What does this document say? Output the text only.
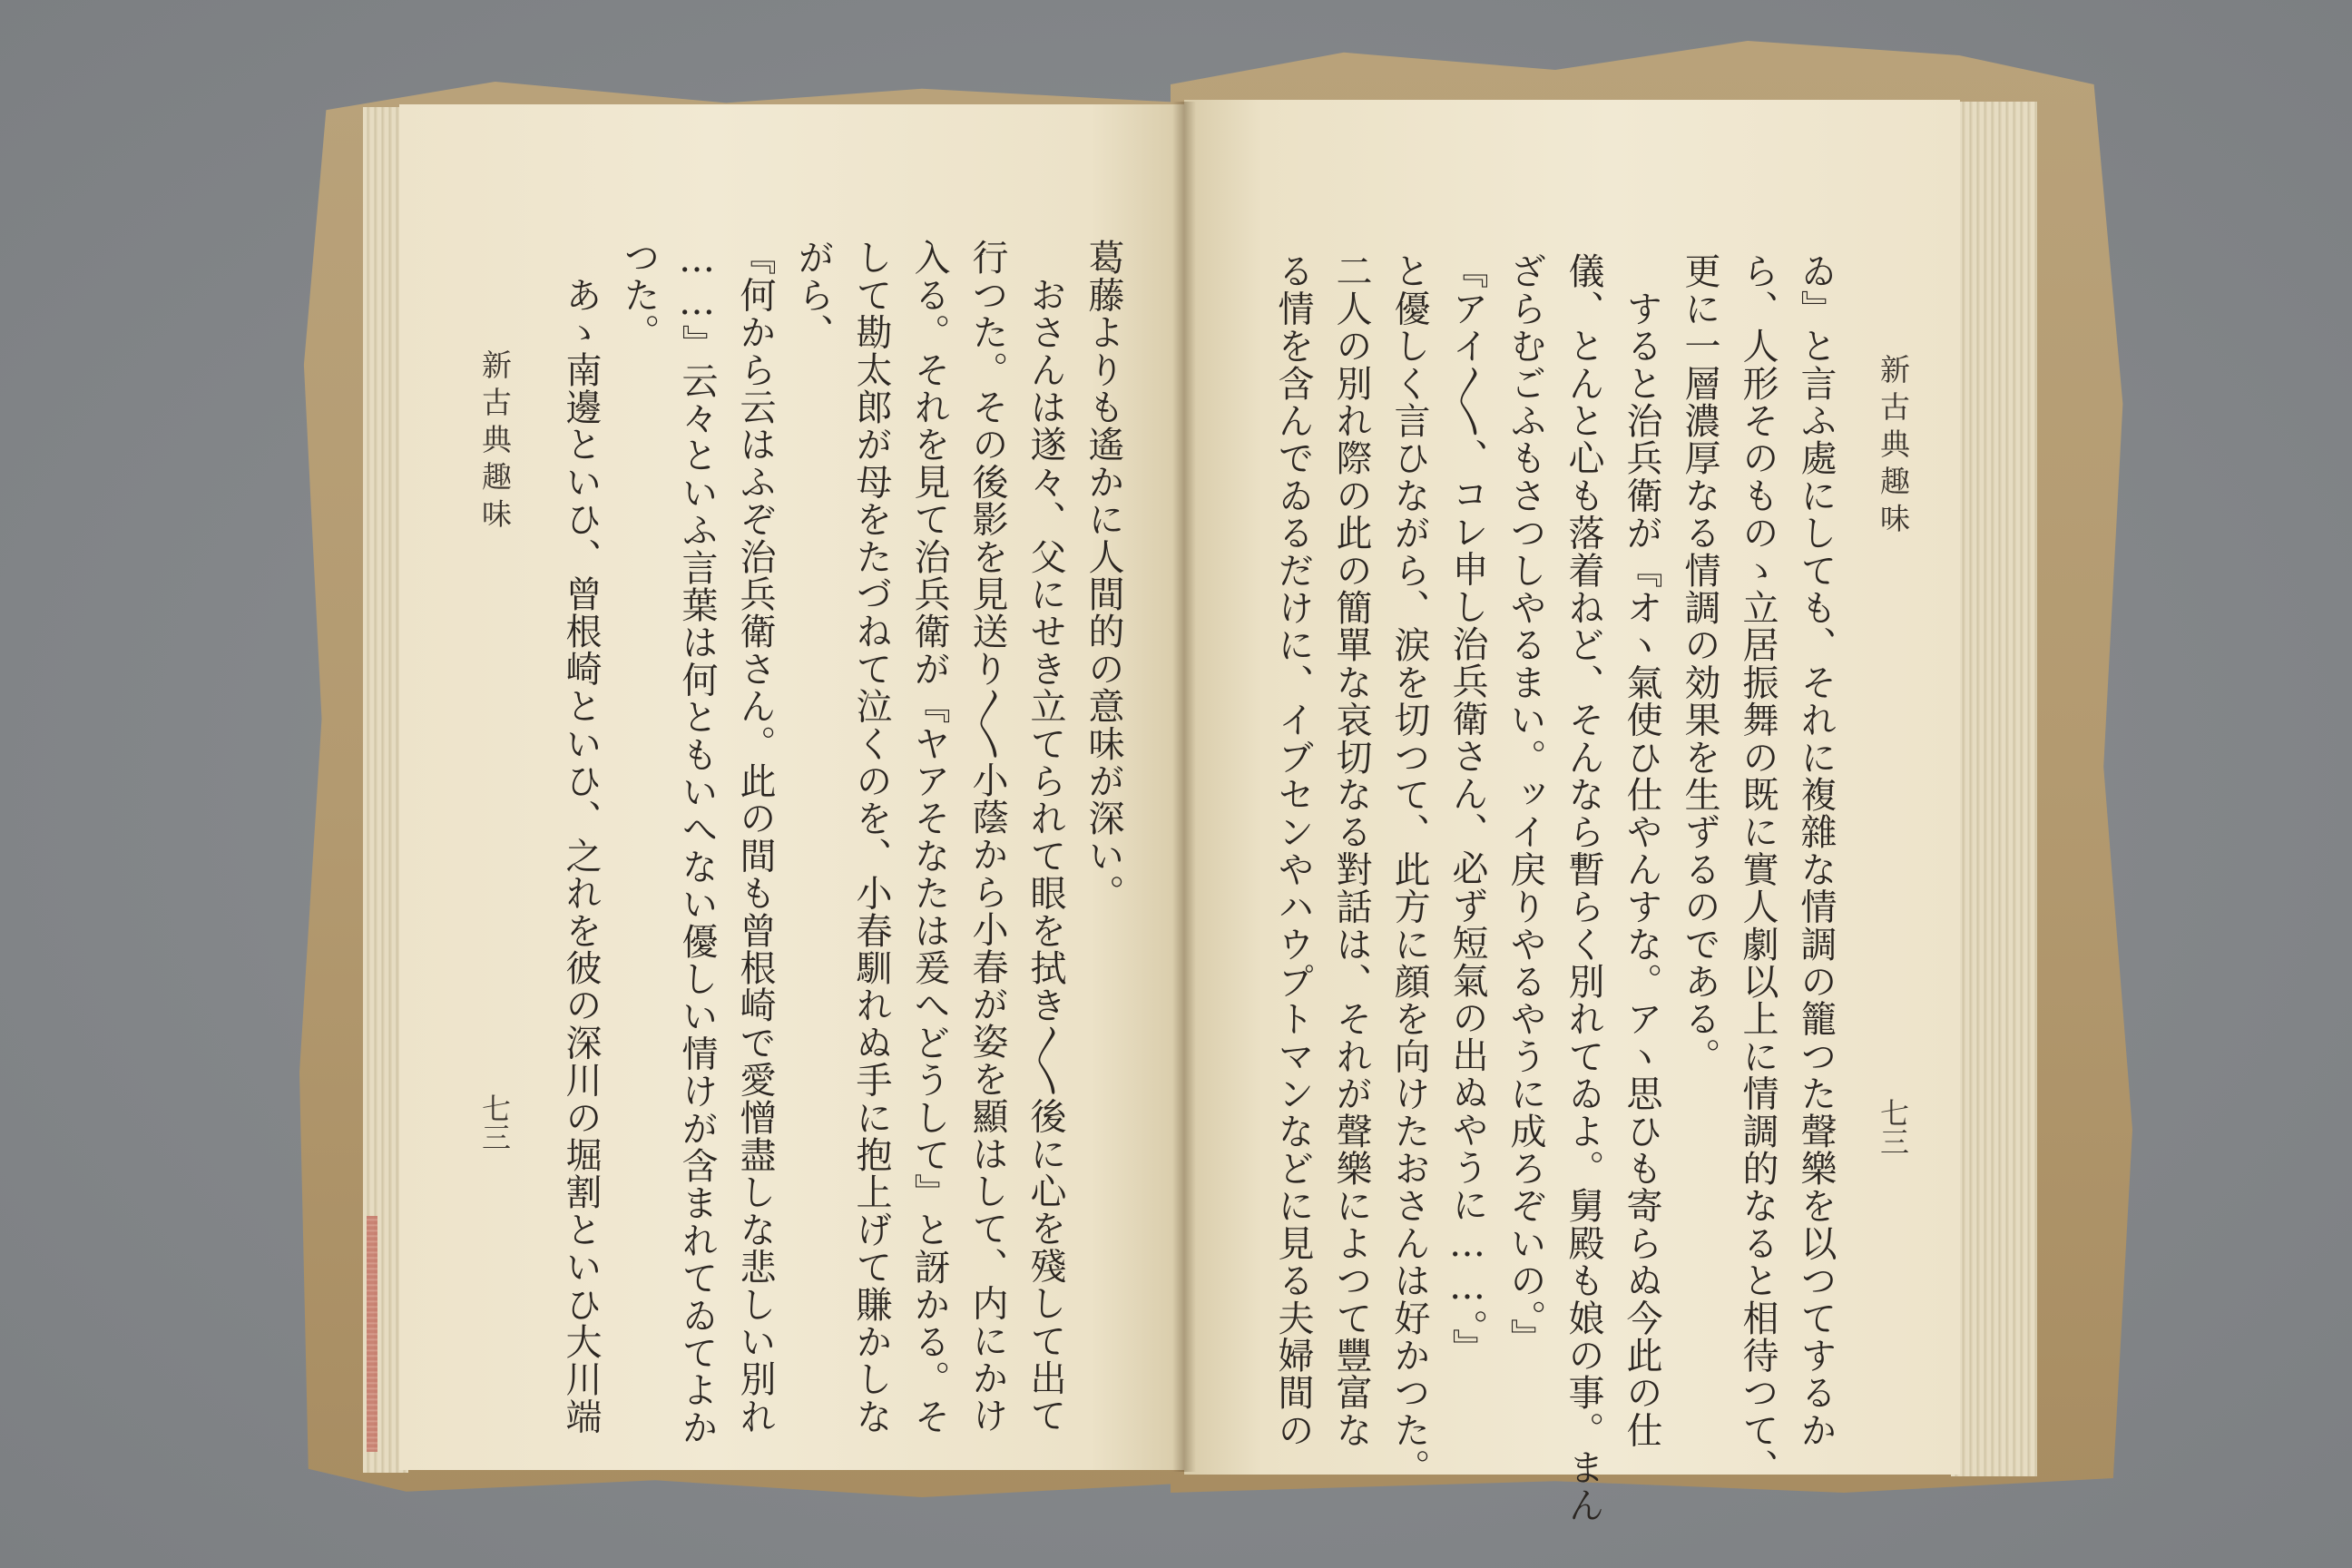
葛藤よりも遙かに人間的の意味が深い。
　おさんは遂々、父にせき立てられて眼を拭き〳〵後に心を殘して出て
行つた。その後影を見送り〳〵小蔭から小春が姿を顯はして、内にかけ
入る。それを見て治兵衛が『ヤアそなたは爰へどうして』と訝かる。そ
して勘太郎が母をたづねて泣くのを、小春馴れぬ手に抱上げて賺かしな
がら、
『何から云はふぞ治兵衛さん。此の間も曾根崎で愛憎盡しな悲しい別れ
……』云々といふ言葉は何ともいへない優しい情けが含まれてゐてよか
つた。
　あゝ南邊といひ、曾根崎といひ、之れを彼の深川の堀割といひ大川端
新古典趣味
七三
新古典趣味
七三
ゐ』と言ふ處にしても、それに複雜な情調の籠つた聲樂を以つてするか
ら、人形そのものゝ立居振舞の既に實人劇以上に情調的なると相待つて、
更に一層濃厚なる情調の効果を生ずるのである。
　すると治兵衛が『オヽ氣使ひ仕やんすな。アヽ思ひも寄らぬ今此の仕
儀、とんと心も落着ねど、そんなら暫らく別れてゐよ。舅殿も娘の事。まん
ざらむごふもさつしやるまい。ッイ戻りやるやうに成ろぞいの。』
『アイ〳〵、コレ申し治兵衛さん、必ず短氣の出ぬやうに……。』
と優しく言ひながら、涙を切つて、此方に顔を向けたおさんは好かつた。
二人の別れ際の此の簡單な哀切なる對話は、それが聲樂によつて豐富な
る情を含んでゐるだけに、イブセンやハウプトマンなどに見る夫婦間の
